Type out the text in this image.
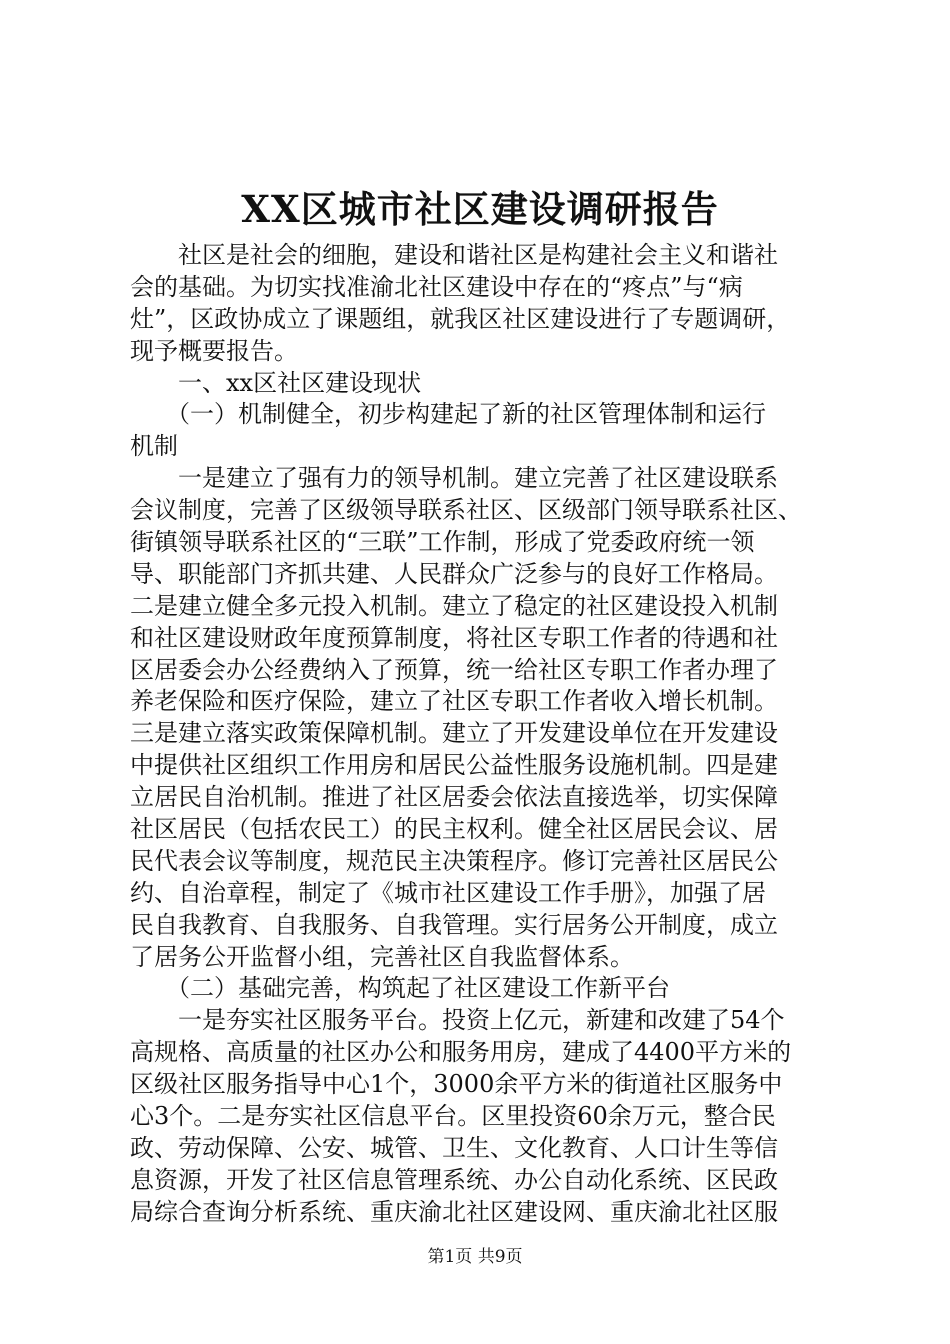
XX区城市社区建设调研报告
　　社区是社会的细胞，建设和谐社区是构建社会主义和谐社
会的基础。为切实找准渝北社区建设中存在的“疼点”与“病
灶”，区政协成立了课题组，就我区社区建设进行了专题调研，
现予概要报告。
　　一、xx区社区建设现状
　　（一）机制健全，初步构建起了新的社区管理体制和运行
机制
　　一是建立了强有力的领导机制。建立完善了社区建设联系
会议制度，完善了区级领导联系社区、区级部门领导联系社区、
街镇领导联系社区的“三联”工作制，形成了党委政府统一领
导、职能部门齐抓共建、人民群众广泛参与的良好工作格局。
二是建立健全多元投入机制。建立了稳定的社区建设投入机制
和社区建设财政年度预算制度，将社区专职工作者的待遇和社
区居委会办公经费纳入了预算，统一给社区专职工作者办理了
养老保险和医疗保险，建立了社区专职工作者收入增长机制。
三是建立落实政策保障机制。建立了开发建设单位在开发建设
中提供社区组织工作用房和居民公益性服务设施机制。四是建
立居民自治机制。推进了社区居委会依法直接选举，切实保障
社区居民（包括农民工）的民主权利。健全社区居民会议、居
民代表会议等制度，规范民主决策程序。修订完善社区居民公
约、自治章程，制定了《城市社区建设工作手册》，加强了居
民自我教育、自我服务、自我管理。实行居务公开制度，成立
了居务公开监督小组，完善社区自我监督体系。
　　（二）基础完善，构筑起了社区建设工作新平台
　　一是夯实社区服务平台。投资上亿元，新建和改建了54个
高规格、高质量的社区办公和服务用房，建成了4400平方米的
区级社区服务指导中心1个，3000余平方米的街道社区服务中
心3个。二是夯实社区信息平台。区里投资60余万元，整合民
政、劳动保障、公安、城管、卫生、文化教育、人口计生等信
息资源，开发了社区信息管理系统、办公自动化系统、区民政
局综合查询分析系统、重庆渝北社区建设网、重庆渝北社区服
第1页 共9页
